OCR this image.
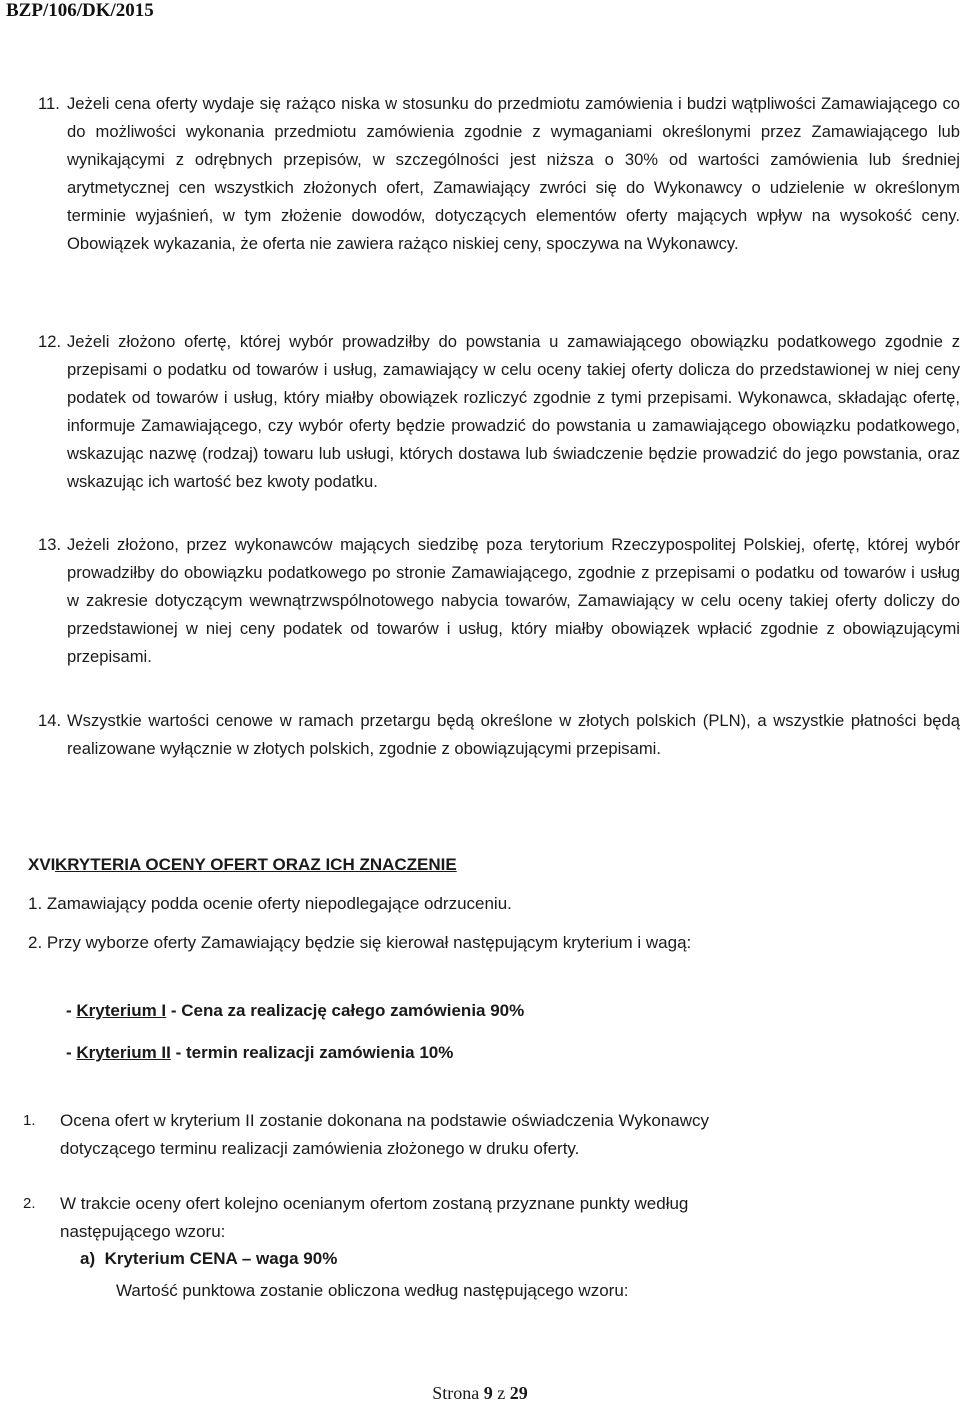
BZP/106/DK/2015
11. Jeżeli cena oferty wydaje się rażąco niska w stosunku do przedmiotu zamówienia i budzi wątpliwości Zamawiającego co do możliwości wykonania przedmiotu zamówienia zgodnie z wymaganiami określonymi przez Zamawiającego lub wynikającymi z odrębnych przepisów, w szczególności jest niższa o 30% od wartości zamówienia lub średniej arytmetycznej cen wszystkich złożonych ofert, Zamawiający zwróci się do Wykonawcy o udzielenie w określonym terminie wyjaśnień, w tym złożenie dowodów, dotyczących elementów oferty mających wpływ na wysokość ceny. Obowiązek wykazania, że oferta nie zawiera rażąco niskiej ceny, spoczywa na Wykonawcy.
12. Jeżeli złożono ofertę, której wybór prowadziłby do powstania u zamawiającego obowiązku podatkowego zgodnie z przepisami o podatku od towarów i usług, zamawiający w celu oceny takiej oferty dolicza do przedstawionej w niej ceny podatek od towarów i usług, który miałby obowiązek rozliczyć zgodnie z tymi przepisami. Wykonawca, składając ofertę, informuje Zamawiającego, czy wybór oferty będzie prowadzić do powstania u zamawiającego obowiązku podatkowego, wskazując nazwę (rodzaj) towaru lub usługi, których dostawa lub świadczenie będzie prowadzić do jego powstania, oraz wskazując ich wartość bez kwoty podatku.
13. Jeżeli złożono, przez wykonawców mających siedzibę poza terytorium Rzeczypospolitej Polskiej, ofertę, której wybór prowadziłby do obowiązku podatkowego po stronie Zamawiającego, zgodnie z przepisami o podatku od towarów i usług w zakresie dotyczącym wewnątrzwspólnotowego nabycia towarów, Zamawiający w celu oceny takiej oferty doliczy do przedstawionej w niej ceny podatek od towarów i usług, który miałby obowiązek wpłacić zgodnie z obowiązującymi przepisami.
14. Wszystkie wartości cenowe w ramach przetargu będą określone w złotych polskich (PLN), a wszystkie płatności będą realizowane wyłącznie w złotych polskich, zgodnie z obowiązującymi przepisami.
XVI.KRYTERIA OCENY OFERT ORAZ ICH ZNACZENIE
1. Zamawiający podda ocenie oferty niepodlegające odrzuceniu.
2. Przy wyborze oferty Zamawiający będzie się kierował następującym kryterium i wagą:
- Kryterium I - Cena za realizację całego zamówienia 90%
- Kryterium II - termin realizacji zamówienia 10%
1. Ocena ofert w kryterium II zostanie dokonana na podstawie oświadczenia Wykonawcy
dotyczącego terminu realizacji zamówienia złożonego w druku oferty.
2. W trakcie oceny ofert kolejno ocenianym ofertom zostaną przyznane punkty według
następującego wzoru:
a) Kryterium CENA – waga 90%
Wartość punktowa zostanie obliczona według następującego wzoru:
Strona 9 z 29
